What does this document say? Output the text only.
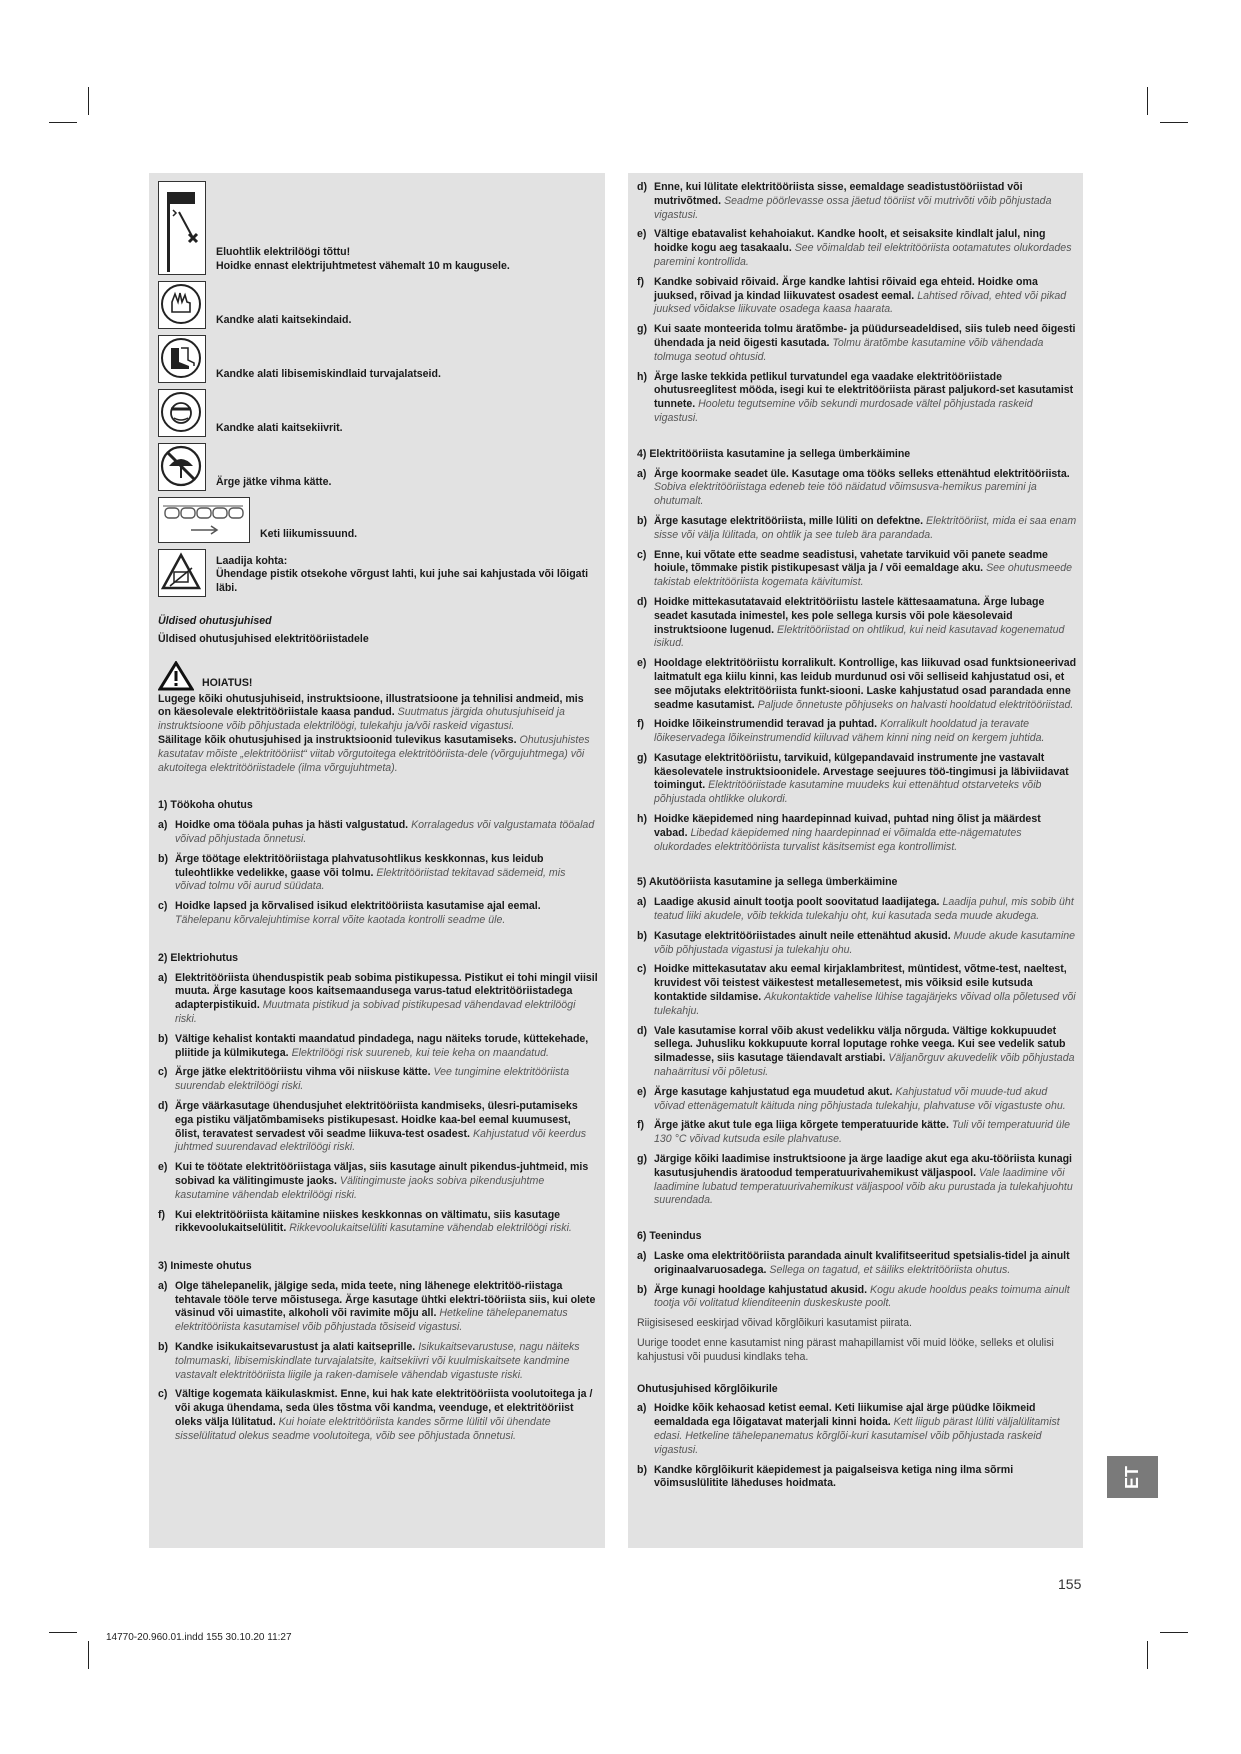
Eluohtlik elektrilöögi tõttu!
Hoidke ennast elektrijuhtmetest vähemalt 10 m kaugusele.
Kandke alati kaitsekindaid.
Kandke alati libisemiskindlaid turvajalatseid.
Kandke alati kaitsekiivrit.
Ärge jätke vihma kätte.
Keti liikumissuund.
Laadija kohta:
Ühendage pistik otsekohe võrgust lahti, kui juhe sai kahjustada või lõigati läbi.

Üldised ohutusjuhised

Üldised ohutusjuhised elektritööriistadele

HOIATUS!

Lugege kõiki ohutusjuhiseid, instruktsioone, illustratsioone ja tehnilisi andmeid, mis on käesolevale elektritööriistale kaasa pandud. Suutmatus järgida ohutusjuhiseid ja instruktsioone võib põhjustada elektrilöögi, tulekahju ja/või raskeid vigastusi.

Säilitage kõik ohutusjuhised ja instruktsioonid tulevikus kasutamiseks. Ohutusjuhistes kasutatav mõiste „elektritööriist“ viitab võrgutoitega elektritööriista-dele (võrgujuhtmega) või akutoitega elektritööriistadele (ilma võrgujuhtmeta).

1) Töökoha ohutus

a) Hoidke oma tööala puhas ja hästi valgustatud. Korralagedus või valgustamata tööalad võivad põhjustada õnnetusi.
b) Ärge töötage elektritööriistaga plahvatusohtlikus keskkonnas, kus leidub tuleohtlikke vedelikke, gaase või tolmu. Elektritööriistad tekitavad sädemeid, mis võivad tolmu või aurud süüdata.
c) Hoidke lapsed ja kõrvalised isikud elektritööriista kasutamise ajal eemal. Tähelepanu kõrvalejuhtimise korral võite kaotada kontrolli seadme üle.

2) Elektriohutus

a) Elektritööriista ühenduspistik peab sobima pistikupessa. Pistikut ei tohi mingil viisil muuta. Ärge kasutage koos kaitsemaandusega varus-tatud elektritööriistadega adapterpistikuid. Muutmata pistikud ja sobivad pistikupesad vähendavad elektrilöögi riski.
b) Vältige kehalist kontakti maandatud pindadega, nagu näiteks torude, küttekehade, pliitide ja külmikutega. Elektrilöögi risk suureneb, kui teie keha on maandatud.
c) Ärge jätke elektritööriistu vihma või niiskuse kätte. Vee tungimine elektritööriista suurendab elektrilöögi riski.
d) Ärge väärkasutage ühendusjuhet elektritööriista kandmiseks, ülesri-putamiseks ega pistiku väljatõmbamiseks pistikupesast. Hoidke kaa-bel eemal kuumusest, õlist, teravatest servadest või seadme liikuva-test osadest. Kahjustatud või keerdus juhtmed suurendavad elektrilöögi riski.
e) Kui te töötate elektritööriistaga väljas, siis kasutage ainult pikendus-juhtmeid, mis sobivad ka välitingimuste jaoks. Välitingimuste jaoks sobiva pikendusjuhtme kasutamine vähendab elektrilöögi riski.
f) Kui elektritööriista käitamine niiskes keskkonnas on vältimatu, siis kasutage rikkevoolukaitselülitit. Rikkevoolukaitselüliti kasutamine vähendab elektrilöögi riski.

3) Inimeste ohutus

a) Olge tähelepanelik, jälgige seda, mida teete, ning lähenege elektritöö-riistaga tehtavale tööle terve mõistusega. Ärge kasutage ühtki elektri-tööriista siis, kui olete väsinud või uimastite, alkoholi või ravimite mõju all. Hetkeline tähelepanematus elektritööriista kasutamisel võib põhjustada tõsiseid vigastusi.
b) Kandke isikukaitsevarustust ja alati kaitseprille. Isikukaitsevarustuse, nagu näiteks tolmumaski, libisemiskindlate turvajalatsite, kaitsekiivri või kuulmiskaitsete kandmine vastavalt elektritööriista liigile ja raken-damisele vähendab vigastuste riski.
c) Vältige kogemata käikulaskmist. Enne, kui hak kate elektritööriista voolutoitega ja / või akuga ühendama, seda üles tõstma või kandma, veenduge, et elektritööriist oleks välja lülitatud. Kui hoiate elektritööriista kandes sõrme lülitil või ühendate sisselülitatud olekus seadme voolutoitega, võib see põhjustada õnnetusi.
d) Enne, kui lülitate elektritööriista sisse, eemaldage seadistustööriistad või mutrivõtmed. Seadme pöörlevasse ossa jäetud tööriist või mutrivõti võib põhjustada vigastusi.
e) Vältige ebatavalist kehahoiakut. Kandke hoolt, et seisaksite kindlalt jalul, ning hoidke kogu aeg tasakaalu. See võimaldab teil elektritööriista ootamatutes olukordades paremini kontrollida.
f) Kandke sobivaid rõivaid. Ärge kandke lahtisi rõivaid ega ehteid. Hoidke oma juuksed, rõivad ja kindad liikuvatest osadest eemal. Lahtised rõivad, ehted või pikad juuksed võidakse liikuvate osadega kaasa haarata.
g) Kui saate monteerida tolmu äratõmbe- ja püüdurseadeldised, siis tuleb need õigesti ühendada ja neid õigesti kasutada. Tolmu äratõmbe kasutamine võib vähendada tolmuga seotud ohtusid.
h) Ärge laske tekkida petlikul turvatundel ega vaadake elektritööriistade ohutusreeglitest mööda, isegi kui te elektritööriista pärast paljukord-set kasutamist tunnete. Hooletu tegutsemine võib sekundi murdosade vältel põhjustada raskeid vigastusi.

4) Elektritööriista kasutamine ja sellega ümberkäimine

a) Ärge koormake seadet üle. Kasutage oma tööks selleks ettenähtud elektritööriista. Sobiva elektritööriistaga edeneb teie töö näidatud võimsusva-hemikus paremini ja ohutumalt.
b) Ärge kasutage elektritööriista, mille lüliti on defektne. Elektritööriist, mida ei saa enam sisse või välja lülitada, on ohtlik ja see tuleb ära parandada.
c) Enne, kui võtate ette seadme seadistusi, vahetate tarvikuid või panete seadme hoiule, tõmmake pistik pistikupesast välja ja / või eemaldage aku. See ohutusmeede takistab elektritööriista kogemata käivitumist.
d) Hoidke mittekasutatavaid elektritööriistu lastele kättesaamatuna. Ärge lubage seadet kasutada inimestel, kes pole sellega kursis või pole käesolevaid instruktsioone lugenud. Elektritööriistad on ohtlikud, kui neid kasutavad kogenematud isikud.
e) Hooldage elektritööriistu korralikult. Kontrollige, kas liikuvad osad funktsioneerivad laitmatult ega kiilu kinni, kas leidub murdunud osi või selliseid kahjustatud osi, et see mõjutaks elektritööriista funkt-siooni. Laske kahjustatud osad parandada enne seadme kasutamist. Paljude õnnetuste põhjuseks on halvasti hooldatud elektritööriistad.
f) Hoidke lõikeinstrumendid teravad ja puhtad. Korralikult hooldatud ja teravate lõikeservadega lõikeinstrumendid kiiluvad vähem kinni ning neid on kergem juhtida.
g) Kasutage elektritööriistu, tarvikuid, külgepandavaid instrumente jne vastavalt käesolevatele instruktsioonidele. Arvestage seejuures töö-tingimusi ja läbiviidavat toimingut. Elektritööriistade kasutamine muudeks kui ettenähtud otstarveteks võib põhjustada ohtlikke olukordi.
h) Hoidke käepidemed ning haardepinnad kuivad, puhtad ning õlist ja määrdest vabad. Libedad käepidemed ning haardepinnad ei võimalda ette-nägematutes olukordades elektritööriista turvalist käsitsemist ega kontrollimist.

5) Akutööriista kasutamine ja sellega ümberkäimine

a) Laadige akusid ainult tootja poolt soovitatud laadijatega. Laadija puhul, mis sobib üht teatud liiki akudele, võib tekkida tulekahju oht, kui kasutada seda muude akudega.
b) Kasutage elektritööriistades ainult neile ettenähtud akusid. Muude akude kasutamine võib põhjustada vigastusi ja tulekahju ohu.
c) Hoidke mittekasutatav aku eemal kirjaklambritest, müntidest, võtme-test, naeltest, kruvidest või teistest väikestest metallesemetest, mis võiksid esile kutsuda kontaktide sildamise. Akukontaktide vahelise lühise tagajärjeks võivad olla põletused või tulekahju.
d) Vale kasutamise korral võib akust vedelikku välja nõrguda. Vältige kokkupuudet sellega. Juhusliku kokkupuute korral loputage rohke veega. Kui see vedelik satub silmadesse, siis kasutage täiendavalt arstiabi. Väljanõrguv akuvedelik võib põhjustada nahaärritusi või põletusi.
e) Ärge kasutage kahjustatud ega muudetud akut. Kahjustatud või muude-tud akud võivad ettenägematult käituda ning põhjustada tulekahju, plahvatuse või vigastuste ohu.
f) Ärge jätke akut tule ega liiga kõrgete temperatuuride kätte. Tuli või temperatuurid üle 130 °C võivad kutsuda esile plahvatuse.
g) Järgige kõiki laadimise instruktsioone ja ärge laadige akut ega aku-tööriista kunagi kasutusjuhendis äratoodud temperatuurivahemikust väljaspool. Vale laadimine või laadimine lubatud temperatuurivahemikust väljaspool võib aku purustada ja tulekahjuohtu suurendada.

6) Teenindus

a) Laske oma elektritööriista parandada ainult kvalifitseeritud spetsialis-tidel ja ainult originaalvaruosadega. Sellega on tagatud, et säiliks elektritööriista ohutus.
b) Ärge kunagi hooldage kahjustatud akusid. Kogu akude hooldus peaks toimuma ainult tootja või volitatud klienditeenin duskeskuste poolt.

Riigisisesed eeskirjad võivad kõrglõikuri kasutamist piirata.

Uurige toodet enne kasutamist ning pärast mahapillamist või muid lööke, selleks et olulisi kahjustusi või puudusi kindlaks teha.

Ohutusjuhised kõrglõikurile

a) Hoidke kõik kehaosad ketist eemal. Keti liikumise ajal ärge püüdke lõikmeid eemaldada ega lõigatavat materjali kinni hoida. Kett liigub pärast lüliti väljalülitamist edasi. Hetkeline tähelepanematus kõrglõi-kuri kasutamisel võib põhjustada raskeid vigastusi.
b) Kandke kõrglõikurit käepidemest ja paigalseisva ketiga ning ilma sõrmi võimsuslülitite läheduses hoidmata.	ET
155
14770-20.960.01.indd 155 30.10.20 11:27
